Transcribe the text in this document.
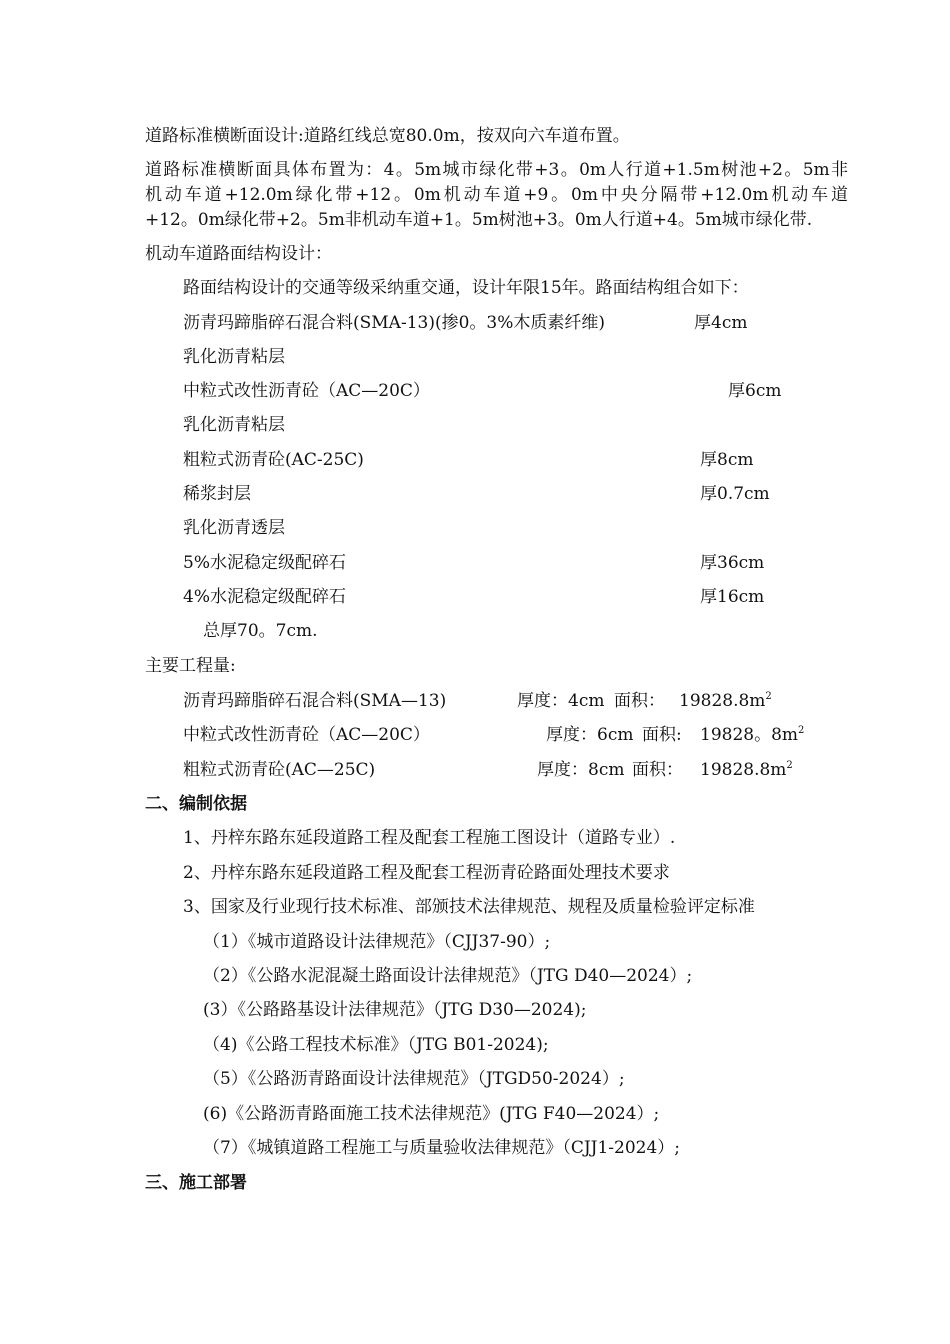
道路标准横断面设计:道路红线总宽80.0m，按双向六车道布置。
道路标准横断面具体布置为：4。5m城市绿化带+3。0m人行道+1.5m树池+2。5m非
机动车道+12.0m绿化带+12。0m机动车道+9。0m中央分隔带+12.0m机动车道
+12。0m绿化带+2。5m非机动车道+1。5m树池+3。0m人行道+4。5m城市绿化带.
机动车道路面结构设计：
路面结构设计的交通等级采纳重交通，设计年限15年。路面结构组合如下：
沥青玛蹄脂碎石混合料(SMA-13)(掺0。3%木质素纤维)	厚4cm
乳化沥青粘层
中粒式改性沥青砼（AC—20C）	厚6cm
乳化沥青粘层
粗粒式沥青砼(AC-25C)	厚8cm
稀浆封层	厚0.7cm
乳化沥青透层
5%水泥稳定级配碎石	厚36cm
4%水泥稳定级配碎石	厚16cm
总厚70。7cm.
主要工程量:
沥青玛蹄脂碎石混合料(SMA—13)	厚度：4cm 面积： $19828.8m^2$
中粒式改性沥青砼（AC—20C）	厚度：6cm 面积: 19828。$8m^2$
粗粒式沥青砼(AC—25C)	厚度：8cm 面积： $19828.8m^2$
二、编制依据
1、丹梓东路东延段道路工程及配套工程施工图设计（道路专业）.
2、丹梓东路东延段道路工程及配套工程沥青砼路面处理技术要求
3、国家及行业现行技术标准、部颁技术法律规范、规程及质量检验评定标准
（1）《城市道路设计法律规范》（CJJ37-90）;
（2）《公路水泥混凝土路面设计法律规范》（JTG D40—2024）;
(3）《公路路基设计法律规范》（JTG D30—2024);
（4)《公路工程技术标准》（JTG B01-2024);
（5）《公路沥青路面设计法律规范》（JTGD50-2024）;
(6)《公路沥青路面施工技术法律规范》(JTG F40—2024）;
（7）《城镇道路工程施工与质量验收法律规范》（CJJ1-2024）;
三、施工部署
